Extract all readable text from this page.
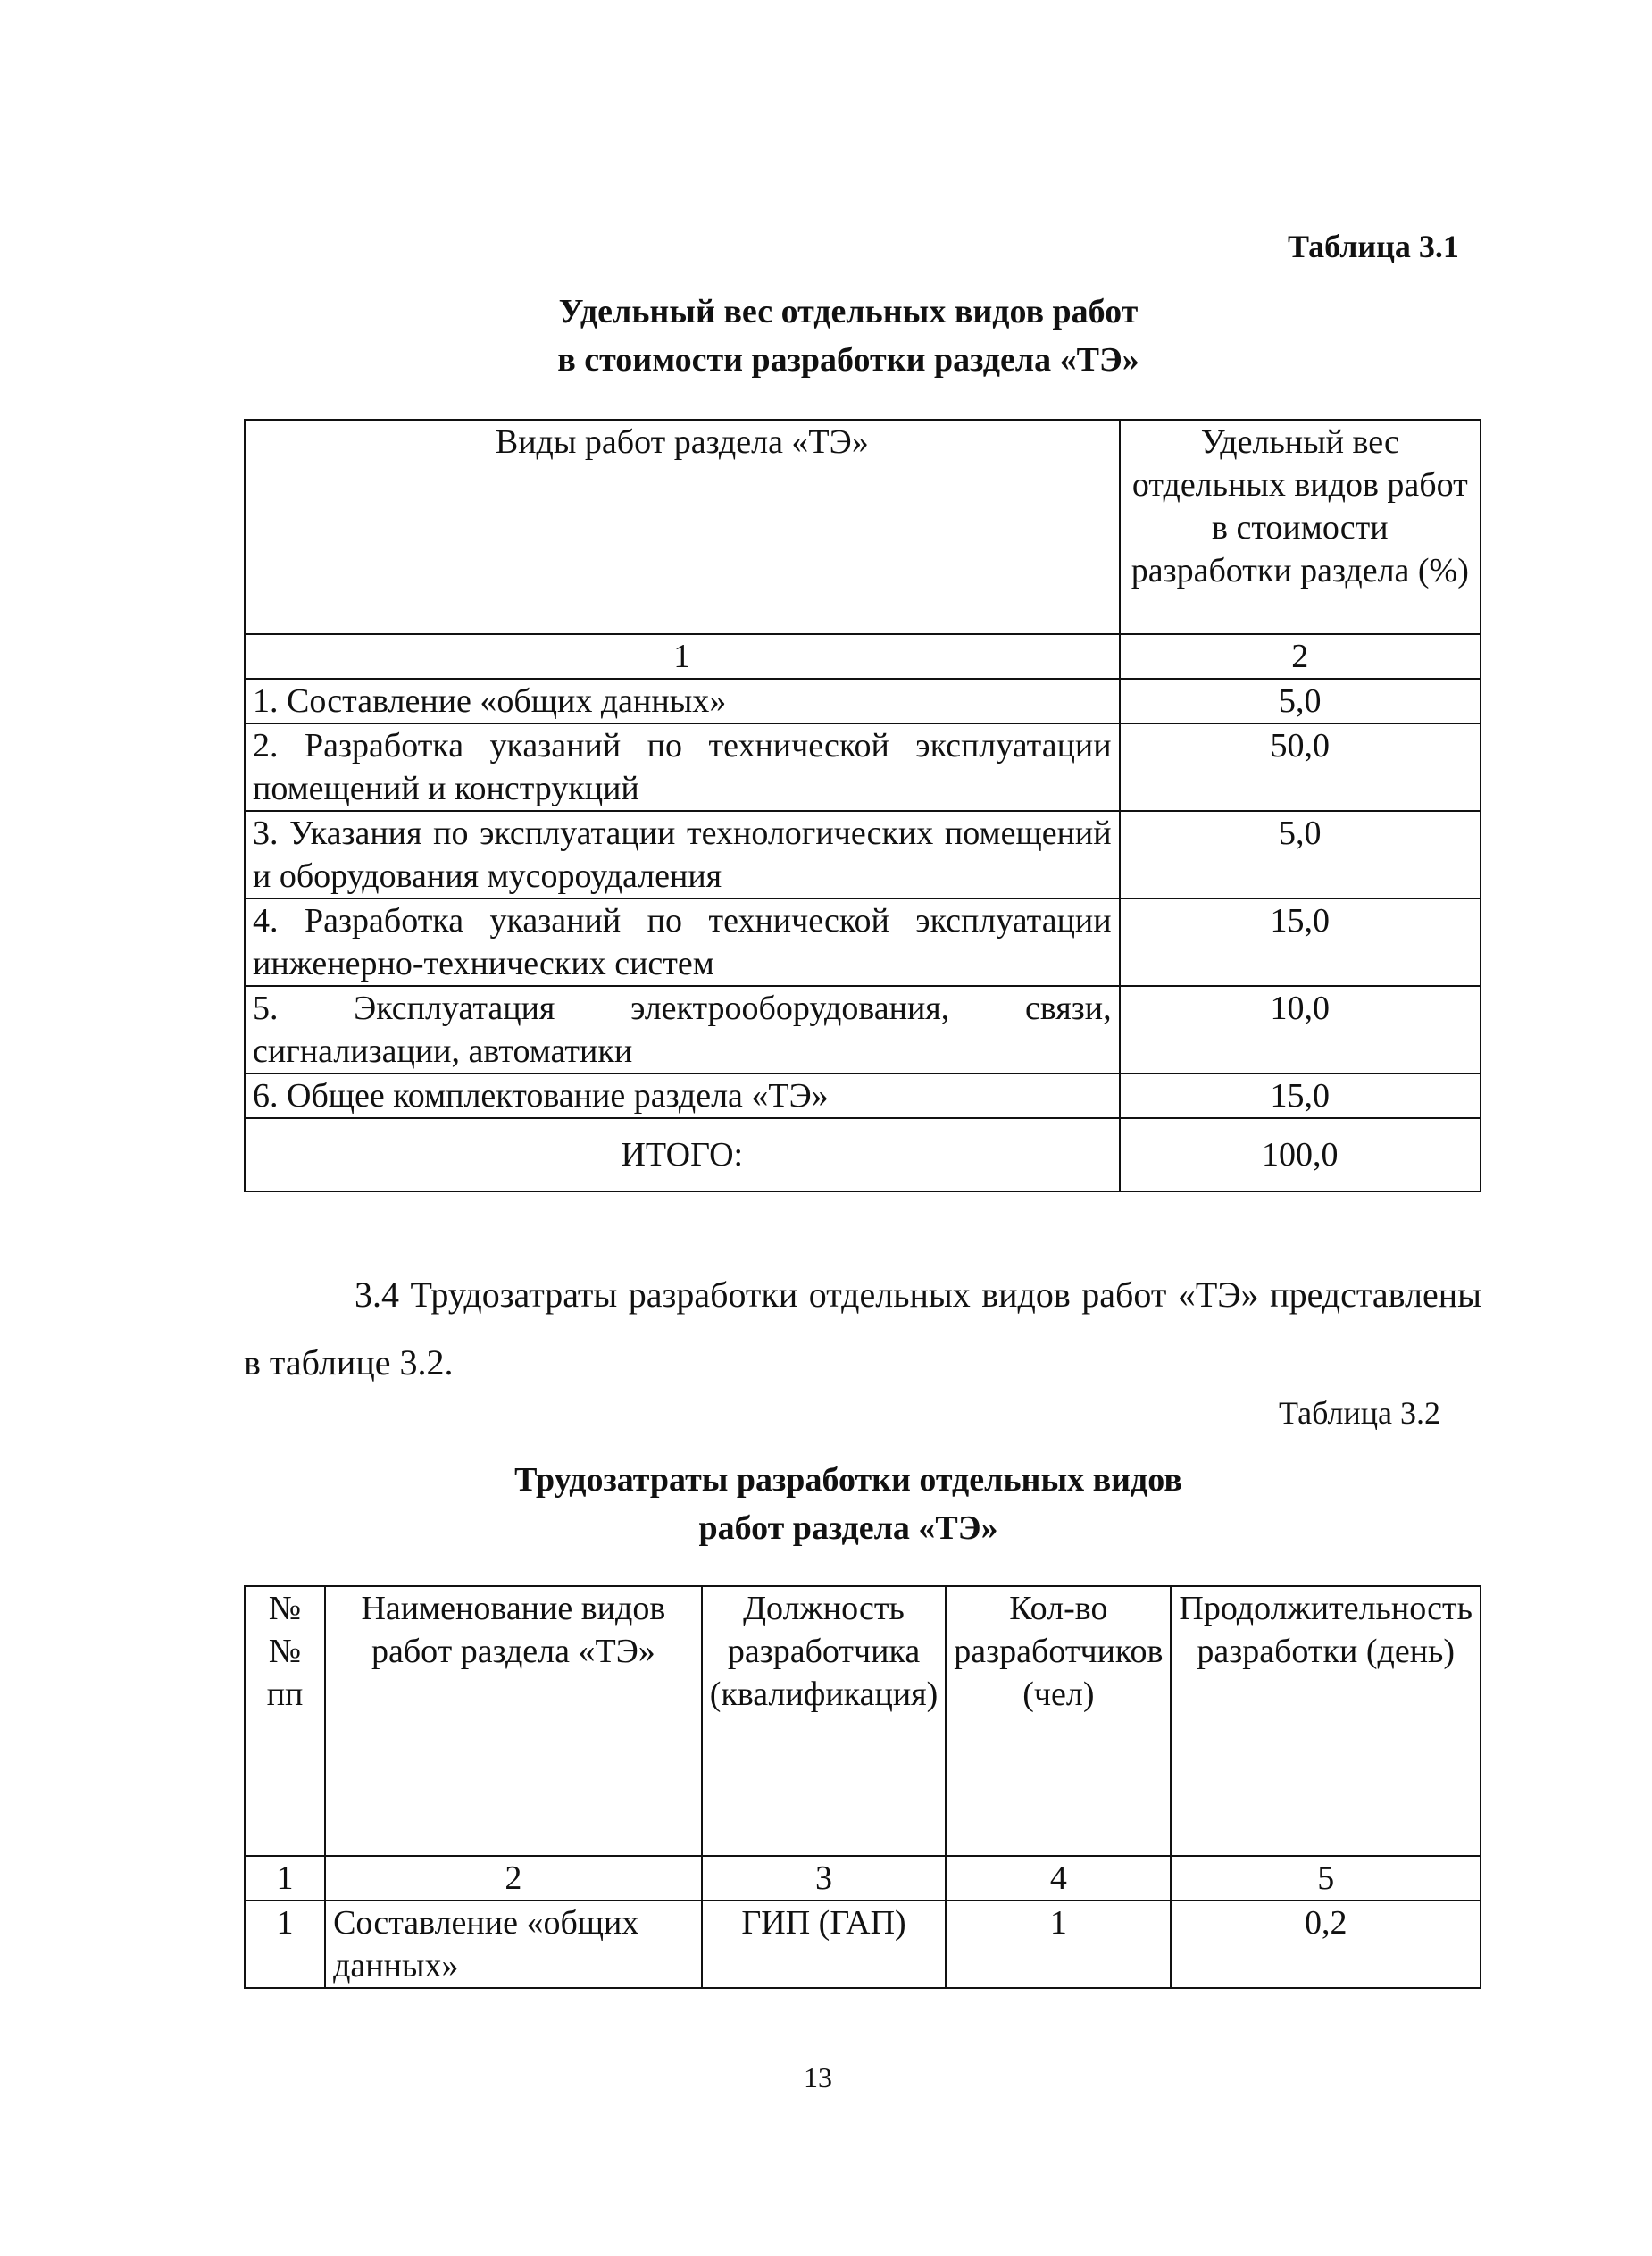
Таблица 3.1
Удельный вес отдельных видов работ
в стоимости разработки раздела «ТЭ»
Виды работ раздела «ТЭ»	Удельный вес отдельных видов работ в стоимости разработки раздела (%)
1	2
1. Составление «общих данных»	5,0
2. Разработка указаний по технической эксплуатации помещений и конструкций	50,0
3. Указания по эксплуатации технологических помещений и оборудования мусороудаления	5,0
4. Разработка указаний по технической эксплуатации инженерно-технических систем	15,0
5. Эксплуатация электрооборудования, связи, сигнализации, автоматики	10,0
6. Общее комплектование раздела «ТЭ»	15,0
ИТОГО:	100,0
3.4 Трудозатраты разработки отдельных видов работ «ТЭ» представлены в таблице 3.2.
Таблица 3.2
Трудозатраты разработки отдельных видов
работ раздела «ТЭ»
№№ пп	Наименование видов работ раздела «ТЭ»	Должность разработчика (квалификация)	Кол-во разработчиков (чел)	Продолжительность разработки (день)
1	2	3	4	5
1	Составление «общих данных»	ГИП (ГАП)	1	0,2
13
